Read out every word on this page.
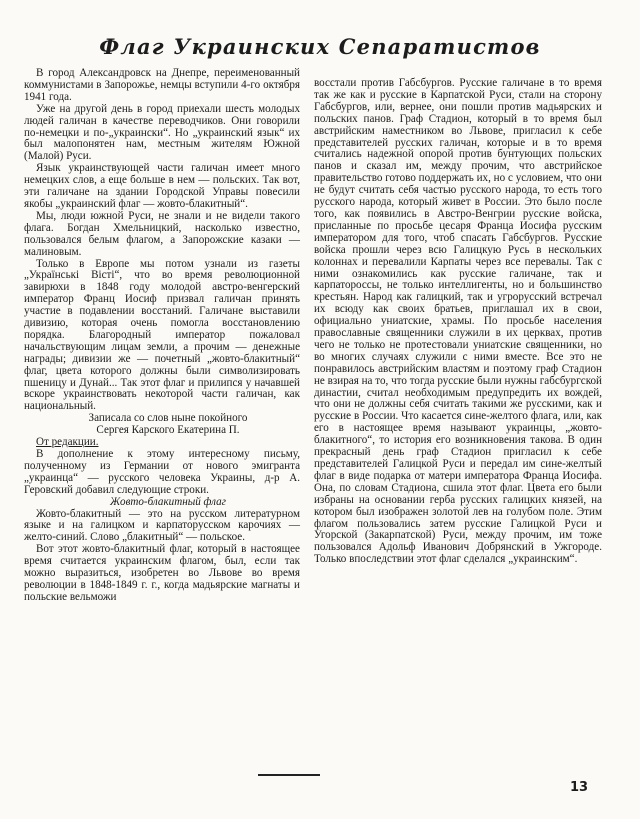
Флаг Украинских Сепаратистов

В город Александровск на Днепре, переименованный коммунистами в Запорожье, немцы вступили 4-го октября 1941 года.

Уже на другой день в город приехали шесть молодых людей галичан в качестве переводчиков. Они говорили по-немецки и по-„украински“. Но „украинский язык“ их был малопонятен нам, местным жителям Южной (Малой) Руси.

Язык украинствующей части галичан имеет много немецких слов, а еще больше в нем — польских. Так вот, эти галичане на здании Городской Управы повесили якобы „украинский флаг — жовто-блакитный“.

Мы, люди южной Руси, не знали и не видели такого флага. Богдан Хмельницкий, насколько известно, пользовался белым флагом, а Запорожские казаки — малиновым.

Только в Европе мы потом узнали из газеты „Українські Вісті“, что во время революционной завирюхи в 1848 году молодой австро-венгерский император Франц Иосиф призвал галичан принять участие в подавлении восстаний. Галичане выставили дивизию, которая очень помогла восстановлению порядка. Благородный император пожаловал начальствующим лицам земли, а прочим — денежные награды; дивизии же — почетный „жовто-блакитный“ флаг, цвета которого должны были символизировать пшеницу и Дунай... Так этот флаг и прилипся у начавшей вскоре украинствовать некоторой части галичан, как национальный.

Записала со слов ныне покойного

Сергея Карского Екатерина П.

От редакции.

В дополнение к этому интересному письму, полученному из Германии от нового эмигранта „украинца“ — русского человека Украины, д-р А. Геровский добавил следующие строки.

Жовто-блакитный флаг

Жовто-блакитный — это на русском литературном языке и на галицком и карпаторусском карочиях — желто-синий. Слово „блакитный“ — польское.

Вот этот жовто-блакитный флаг, который в настоящее время считается украинским флагом, был, если так можно выразиться, изобретен во Львове во время революции в 1848-1849 г. г., когда мадьярские магнаты и польские вельможи

восстали против Габсбургов. Русские галичане в то время так же как и русские в Карпатской Руси, стали на сторону Габсбургов, или, вернее, они пошли против мадьярских и польских панов. Граф Стадион, который в то время был австрийским наместником во Львове, пригласил к себе представителей русских галичан, которые и в то время считались надежной опорой против бунтующих польских панов и сказал им, между прочим, что австрийское правительство готово поддержать их, но с условием, что они не будут считать себя частью русского народа, то есть того русского народа, который живет в России. Это было после того, как появились в Австро-Венгрии русские войска, присланные по просьбе цесаря Франца Иосифа русским императором для того, чтоб спасать Габсбургов. Русские войска прошли через всю Галицкую Русь в нескольких колоннах и перевалили Карпаты через все перевалы. Так с ними ознакомились как русские галичане, так и карпатороссы, не только интеллигенты, но и большинство крестьян. Народ как галицкий, так и угрорусский встречал их всюду как своих братьев, приглашал их в свои, официально униатские, храмы. По просьбе населения православные священники служили в их церквах, против чего не только не протестовали униатские священники, но во многих случаях служили с ними вместе. Все это не понравилось австрийским властям и поэтому граф Стадион не взирая на то, что тогда русские были нужны габсбургской династии, считал необходимым предупредить их вождей, что они не должны себя считать такими же русскими, как и русские в России. Что касается сине-желтого флага, или, как его в настоящее время называют украинцы, „жовто-блакитного“, то история его возникновения такова. В один прекрасный день граф Стадион пригласил к себе представителей Галицкой Руси и передал им сине-желтый флаг в виде подарка от матери императора Франца Иосифа. Она, по словам Стадиона, сшила этот флаг. Цвета его были избраны на основании герба русских галицких князей, на котором был изображен золотой лев на голубом поле. Этим флагом пользовались затем русские Галицкой Руси и Угорской (Закарпатской) Руси, между прочим, им тоже пользовался Адольф Иванович Добрянский в Ужгороде. Только впоследствии этот флаг сделался „украинским“.

13
